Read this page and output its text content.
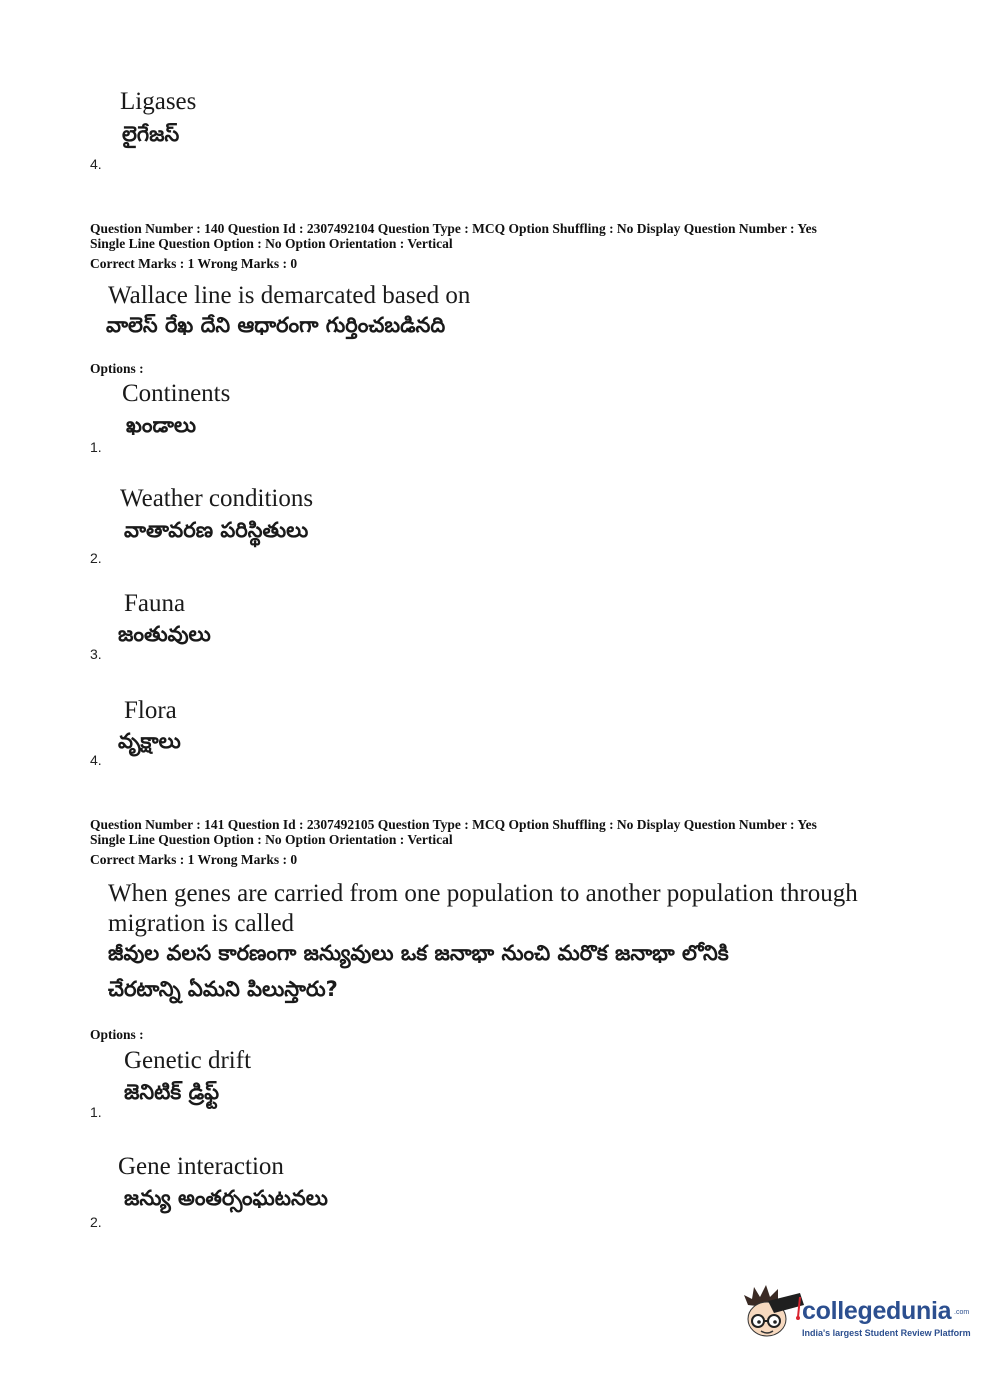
Ligases
లైగేజస్
4.
Question Number : 140 Question Id : 2307492104 Question Type : MCQ Option Shuffling : No Display Question Number : Yes
Single Line Question Option : No Option Orientation : Vertical
Correct Marks : 1 Wrong Marks : 0
Wallace line is demarcated based on
వాలెస్ రేఖ దేని ఆధారంగా గుర్తించబడినది
Options :
Continents
ఖండాలు
1.
Weather conditions
వాతావరణ పరిస్థితులు
2.
Fauna
జంతువులు
3.
Flora
వృక్షాలు
4.
Question Number : 141 Question Id : 2307492105 Question Type : MCQ Option Shuffling : No Display Question Number : Yes
Single Line Question Option : No Option Orientation : Vertical
Correct Marks : 1 Wrong Marks : 0
When genes are carried from one population to another population through
migration is called
జీవుల వలస కారణంగా జన్యువులు ఒక జనాభా నుంచి మరొక జనాభా లోనికి
చేరటాన్ని ఏమని పిలుస్తారు?
Options :
Genetic drift
జెనిటిక్ డ్రిఫ్ట్
1.
Gene interaction
జన్యు అంతర్సంఘటనలు
2.
collegedunia .com
India's largest Student Review Platform
